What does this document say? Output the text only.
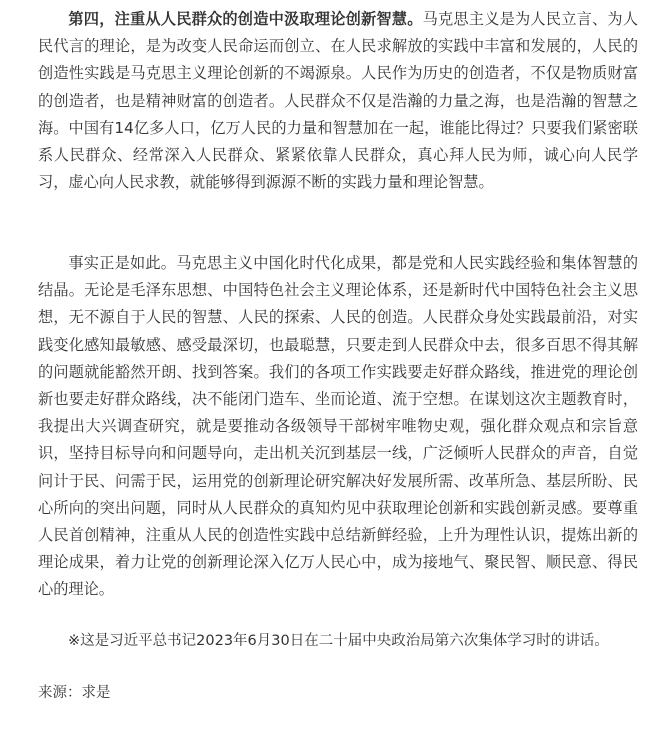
第四，注重从人民群众的创造中汲取理论创新智慧。马克思主义是为人民立言、为人民代言的理论，是为改变人民命运而创立、在人民求解放的实践中丰富和发展的，人民的创造性实践是马克思主义理论创新的不竭源泉。人民作为历史的创造者，不仅是物质财富的创造者，也是精神财富的创造者。人民群众不仅是浩瀚的力量之海，也是浩瀚的智慧之海。中国有14亿多人口，亿万人民的力量和智慧加在一起，谁能比得过？只要我们紧密联系人民群众、经常深入人民群众、紧紧依靠人民群众，真心拜人民为师，诚心向人民学习，虚心向人民求教，就能够得到源源不断的实践力量和理论智慧。

事实正是如此。马克思主义中国化时代化成果，都是党和人民实践经验和集体智慧的结晶。无论是毛泽东思想、中国特色社会主义理论体系，还是新时代中国特色社会主义思想，无不源自于人民的智慧、人民的探索、人民的创造。人民群众身处实践最前沿，对实践变化感知最敏感、感受最深切，也最聪慧，只要走到人民群众中去，很多百思不得其解的问题就能豁然开朗、找到答案。我们的各项工作实践要走好群众路线，推进党的理论创新也要走好群众路线，决不能闭门造车、坐而论道、流于空想。在谋划这次主题教育时，我提出大兴调查研究，就是要推动各级领导干部树牢唯物史观，强化群众观点和宗旨意识，坚持目标导向和问题导向，走出机关沉到基层一线，广泛倾听人民群众的声音，自觉问计于民、问需于民，运用党的创新理论研究解决好发展所需、改革所急、基层所盼、民心所向的突出问题，同时从人民群众的真知灼见中获取理论创新和实践创新灵感。要尊重人民首创精神，注重从人民的创造性实践中总结新鲜经验，上升为理性认识，提炼出新的理论成果，着力让党的创新理论深入亿万人民心中，成为接地气、聚民智、顺民意、得民心的理论。

※这是习近平总书记2023年6月30日在二十届中央政治局第六次集体学习时的讲话。

来源：求是
